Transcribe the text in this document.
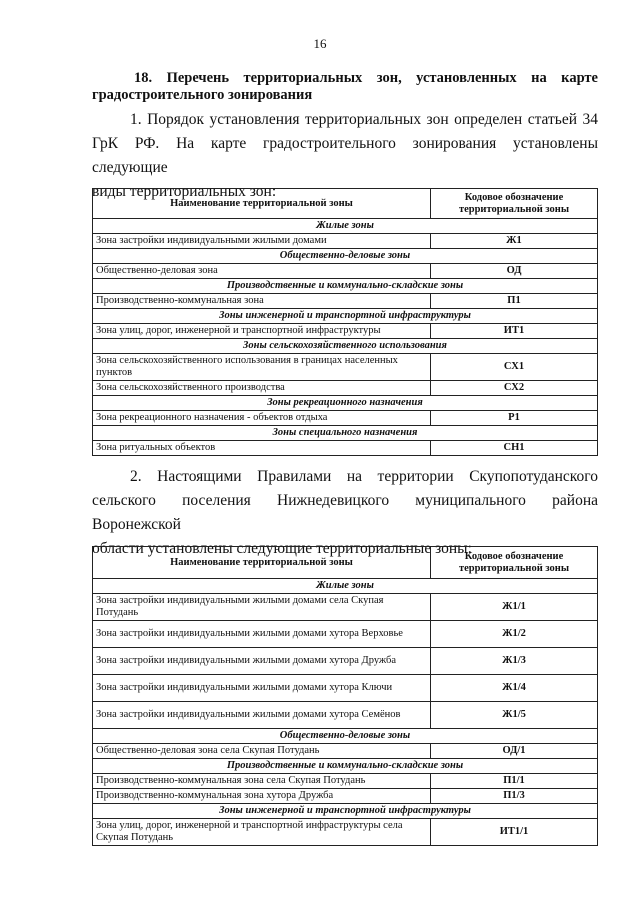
16
18. Перечень территориальных зон, установленных на карте
градостроительного зонирования
1. Порядок установления территориальных зон определен статьей 34
ГрК РФ. На карте градостроительного зонирования установлены следующие
виды территориальных зон:
Наименование территориальной зоны	Кодовое обозначение территориальной зоны
Жилые зоны	
Зона застройки индивидуальными жилыми домами	Ж1
Общественно-деловые зоны	
Общественно-деловая зона	ОД
Производственные и коммунально-складские зоны	
Производственно-коммунальная зона	П1
Зоны инженерной и транспортной инфраструктуры	
Зона улиц, дорог, инженерной и транспортной инфраструктуры	ИТ1
Зоны сельскохозяйственного использования	
Зона сельскохозяйственного использования в границах населенных пунктов	СХ1
Зона сельскохозяйственного производства	СХ2
Зоны рекреационного назначения	
Зона рекреационного назначения - объектов отдыха	Р1
Зоны специального назначения	
Зона ритуальных объектов	СН1
2. Настоящими Правилами на территории Скупопотуданского
сельского поселения Нижнедевицкого муниципального района Воронежской
области установлены следующие территориальные зоны:
Наименование территориальной зоны	Кодовое обозначение территориальной зоны
Жилые зоны	
Зона застройки индивидуальными жилыми домами села Скупая Потудань	Ж1/1
Зона застройки индивидуальными жилыми домами хутора Верховье	Ж1/2
Зона застройки индивидуальными жилыми домами хутора Дружба	Ж1/3
Зона застройки индивидуальными жилыми домами хутора Ключи	Ж1/4
Зона застройки индивидуальными жилыми домами хутора Семёнов	Ж1/5
Общественно-деловые зоны	
Общественно-деловая зона села Скупая Потудань	ОД/1
Производственные и коммунально-складские зоны	
Производственно-коммунальная зона села Скупая Потудань	П1/1
Производственно-коммунальная зона хутора Дружба	П1/3
Зоны инженерной и транспортной инфраструктуры	
Зона улиц, дорог, инженерной и транспортной инфраструктуры села Скупая Потудань	ИТ1/1
